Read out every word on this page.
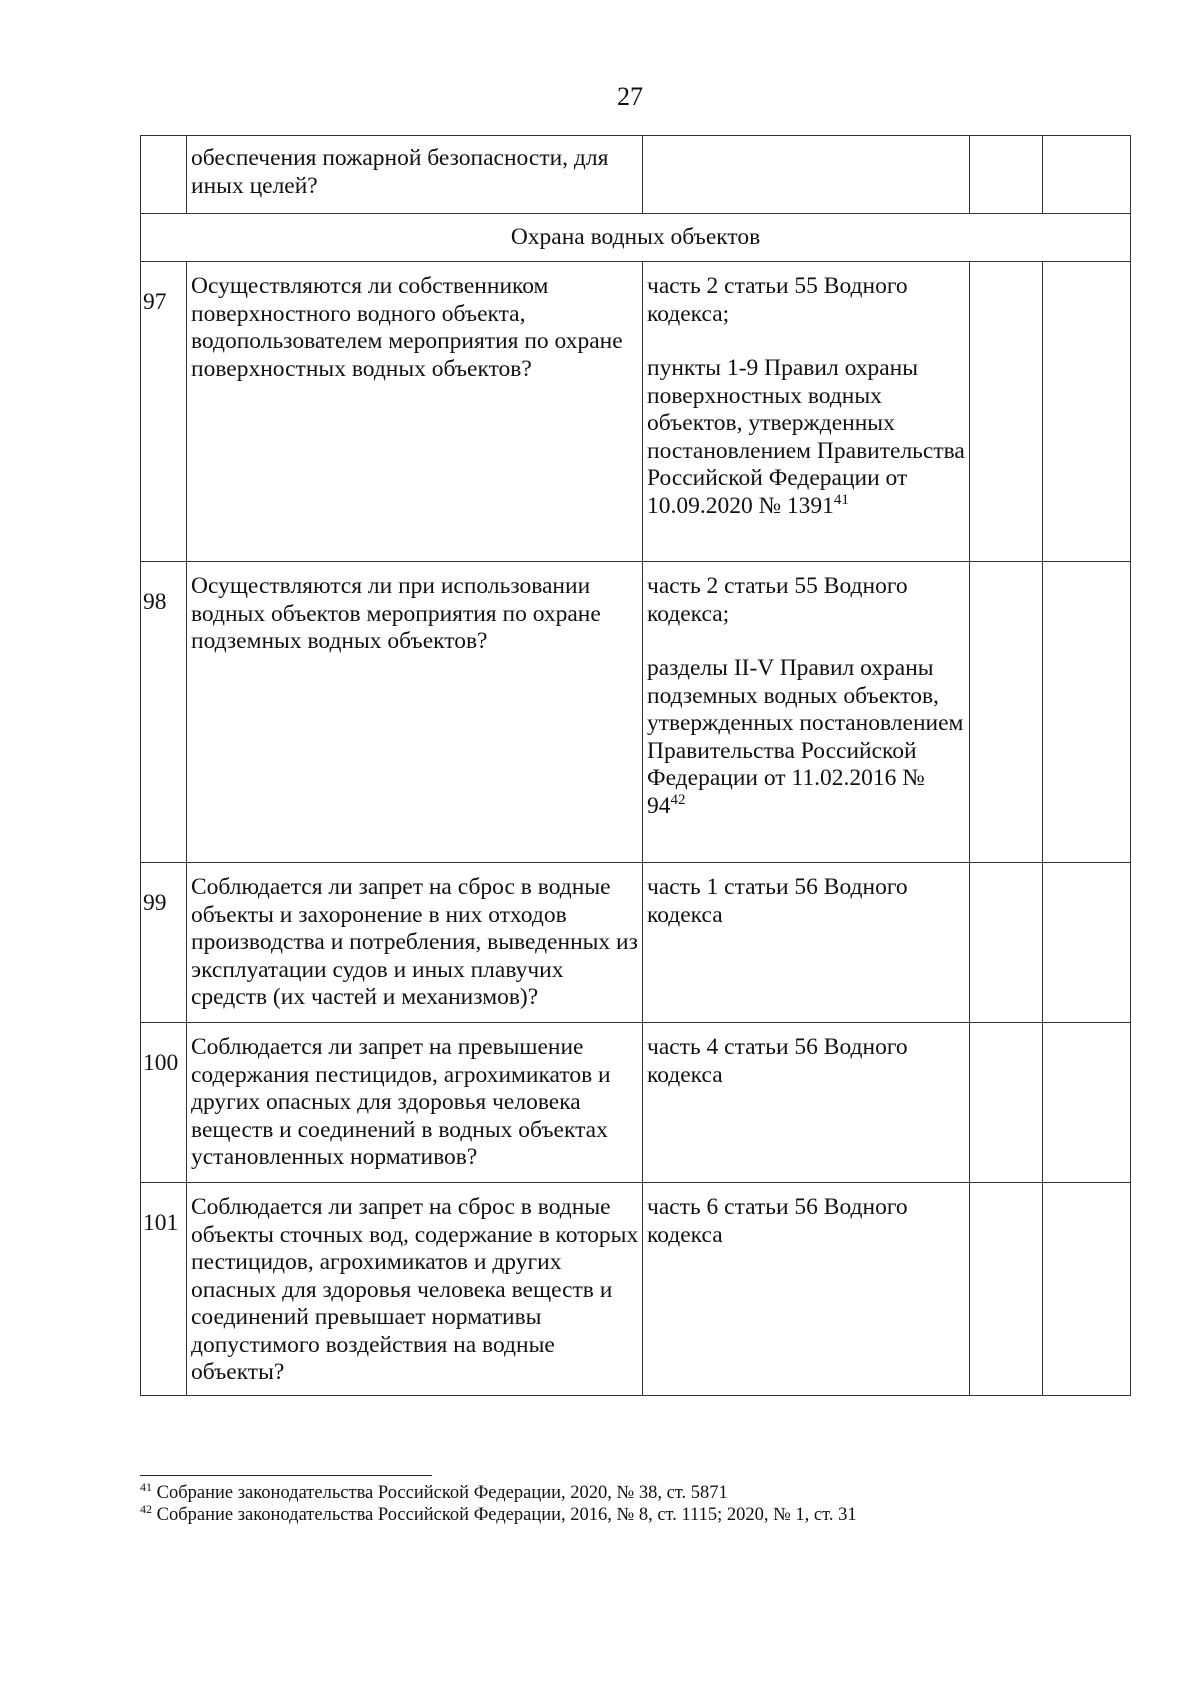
27
	обеспечения пожарной безопасности, для иных целей?			
Охрана водных объектов				
97	Осуществляются ли собственником поверхностного водного объекта, водопользователем мероприятия по охране поверхностных водных объектов?	часть 2 статьи 55 Водного кодекса;
пункты 1-9 Правил охраны поверхностных водных объектов, утвержденных постановлением Правительства Российской Федерации от 10.09.2020 № 1391$^{41}$

98	Осуществляются ли при использовании водных объектов мероприятия по охране подземных водных объектов?	часть 2 статьи 55 Водного кодекса;
разделы II-V Правил охраны подземных водных объектов, утвержденных постановлением Правительства Российской Федерации от 11.02.2016 № $94^{42}$

99	Соблюдается ли запрет на сброс в водные объекты и захоронение в них отходов производства и потребления, выведенных из эксплуатации судов и иных плавучих средств (их частей и механизмов)?	часть 1 статьи 56 Водного кодекса		
100	Соблюдается ли запрет на превышение содержания пестицидов, агрохимикатов и других опасных для здоровья человека веществ и соединений в водных объектах установленных нормативов?	часть 4 статьи 56 Водного кодекса		
101	Соблюдается ли запрет на сброс в водные объекты сточных вод, содержание в которых пестицидов, агрохимикатов и других опасных для здоровья человека веществ и соединений превышает нормативы допустимого воздействия на водные объекты?	часть 6 статьи 56 Водного кодекса		
$^{41}$ Собрание законодательства Российской Федерации, 2020, № 38, ст. 5871
$^{42}$ Собрание законодательства Российской Федерации, 2016, № 8, ст. 1115; 2020, № 1, ст. 31
